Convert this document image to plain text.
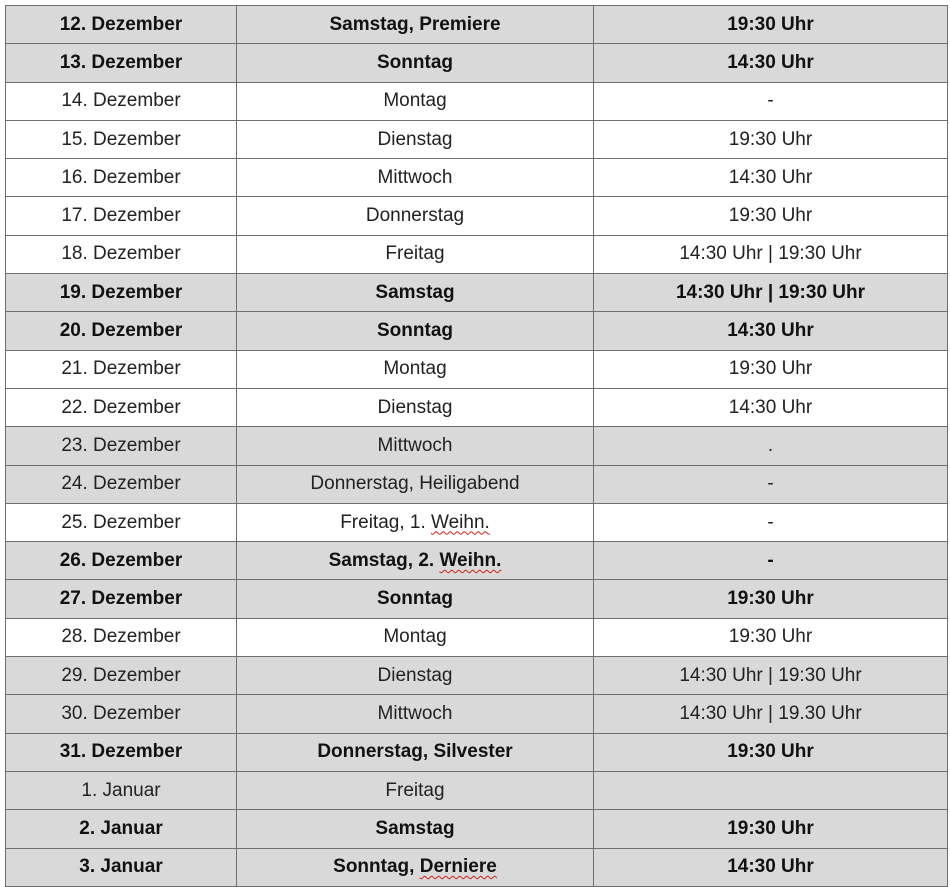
12. Dezember	Samstag, Premiere	19:30 Uhr
13. Dezember	Sonntag	14:30 Uhr
14. Dezember	Montag	-
15. Dezember	Dienstag	19:30 Uhr
16. Dezember	Mittwoch	14:30 Uhr
17. Dezember	Donnerstag	19:30 Uhr
18. Dezember	Freitag	14:30 Uhr | 19:30 Uhr
19. Dezember	Samstag	14:30 Uhr | 19:30 Uhr
20. Dezember	Sonntag	14:30 Uhr
21. Dezember	Montag	19:30 Uhr
22. Dezember	Dienstag	14:30 Uhr
23. Dezember	Mittwoch	.
24. Dezember	Donnerstag, Heiligabend	-
25. Dezember	Freitag, 1. Weihn.	-
26. Dezember	Samstag, 2. Weihn.	-
27. Dezember	Sonntag	19:30 Uhr
28. Dezember	Montag	19:30 Uhr
29. Dezember	Dienstag	14:30 Uhr | 19:30 Uhr
30. Dezember	Mittwoch	14:30 Uhr | 19.30 Uhr
31. Dezember	Donnerstag, Silvester	19:30 Uhr
1. Januar	Freitag	
2. Januar	Samstag	19:30 Uhr
3. Januar	Sonntag, Derniere	14:30 Uhr
